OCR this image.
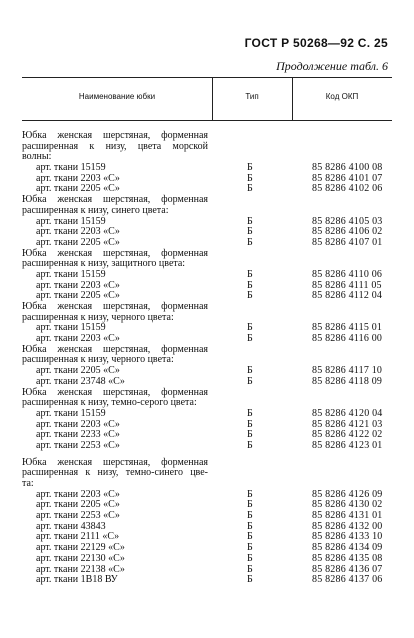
ГОСТ Р 50268—92 С. 25
Продолжение табл. 6
Наименование юбки	Тип	Код ОКП
Юбка женская шерстяная, форменная
расширенная к низу, цвета морской
волны:
арт. ткани 15159	Б	85 8286 4100 08
арт. ткани 2203 «С»	Б	85 8286 4101 07
арт. ткани 2205 «С»	Б	85 8286 4102 06
Юбка женская шерстяная, форменная
расширенная к низу, синего цвета:
арт. ткани 15159	Б	85 8286 4105 03
арт. ткани 2203 «С»	Б	85 8286 4106 02
арт. ткани 2205 «С»	Б	85 8286 4107 01
Юбка женская шерстяная, форменная
расширенная к низу, защитного цвета:
арт. ткани 15159	Б	85 8286 4110 06
арт. ткани 2203 «С»	Б	85 8286 4111 05
арт. ткани 2205 «С»	Б	85 8286 4112 04
Юбка женская шерстяная, форменная
расширенная к низу, черного цвета:
арт. ткани 15159	Б	85 8286 4115 01
арт. ткани 2203 «С»	Б	85 8286 4116 00
Юбка женская шерстяная, форменная
расширенная к низу, черного цвета:
арт. ткани 2205 «С»	Б	85 8286 4117 10
арт. ткани 23748 «С»	Б	85 8286 4118 09
Юбка женская шерстяная, форменная
расширенная к низу, темно-серого цвета:
арт. ткани 15159	Б	85 8286 4120 04
арт. ткани 2203 «С»	Б	85 8286 4121 03
арт. ткани 2233 «С»	Б	85 8286 4122 02
арт. ткани 2253 «С»	Б	85 8286 4123 01
Юбка женская шерстяная, форменная
расширенная к низу, темно-синего цве-
та:
арт. ткани 2203 «С»	Б	85 8286 4126 09
арт. ткани 2205 «С»	Б	85 8286 4130 02
арт. ткани 2253 «С»	Б	85 8286 4131 01
арт. ткани 43843	Б	85 8286 4132 00
арт. ткани 2111 «С»	Б	85 8286 4133 10
арт. ткани 22129 «С»	Б	85 8286 4134 09
арт. ткани 22130 «С»	Б	85 8286 4135 08
арт. ткани 22138 «С»	Б	85 8286 4136 07
арт. ткани 1В18 ВУ	Б	85 8286 4137 06
